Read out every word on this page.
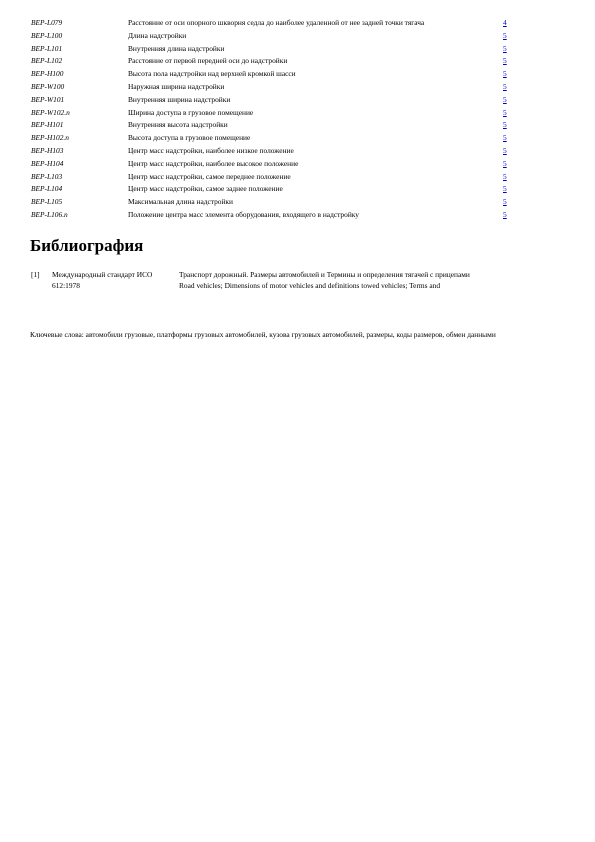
BEP-L079	Расстояние от оси опорного шкворня седла до наиболее удаленной от нее задней точки тягача	4
BEP-L100	Длина надстройки	5
BEP-L101	Внутренняя длина надстройки	5
BEP-L102	Расстояние от первой передней оси до надстройки	5
BEP-H100	Высота пола надстройки над верхней кромкой шасси	5
BEP-W100	Наружная ширина надстройки	5
BEP-W101	Внутренняя ширина надстройки	5
BEP-W102.n	Ширина доступа в грузовое помещение	5
BEP-H101	Внутренняя высота надстройки	5
BEP-H102.n	Высота доступа в грузовое помещение	5
BEP-H103	Центр масс надстройки, наиболее низкое положение	5
BEP-H104	Центр масс надстройки, наиболее высокое положение	5
BEP-L103	Центр масс надстройки, самое переднее положение	5
BEP-L104	Центр масс надстройки, самое заднее положение	5
BEP-L105	Максимальная длина надстройки	5
BEP-L106.n	Положение центра масс элемента оборудования, входящего в надстройку	5
Библиография
[1] Международный стандарт ИСО 612:1978
Транспорт дорожный. Размеры автомобилей и Термины и определения тягачей с прицепами
Road vehicles; Dimensions of motor vehicles and definitions towed vehicles; Terms and

Ключевые слова: автомобили грузовые, платформы грузовых автомобилей, кузова грузовых автомобилей, размеры, коды размеров, обмен данными
